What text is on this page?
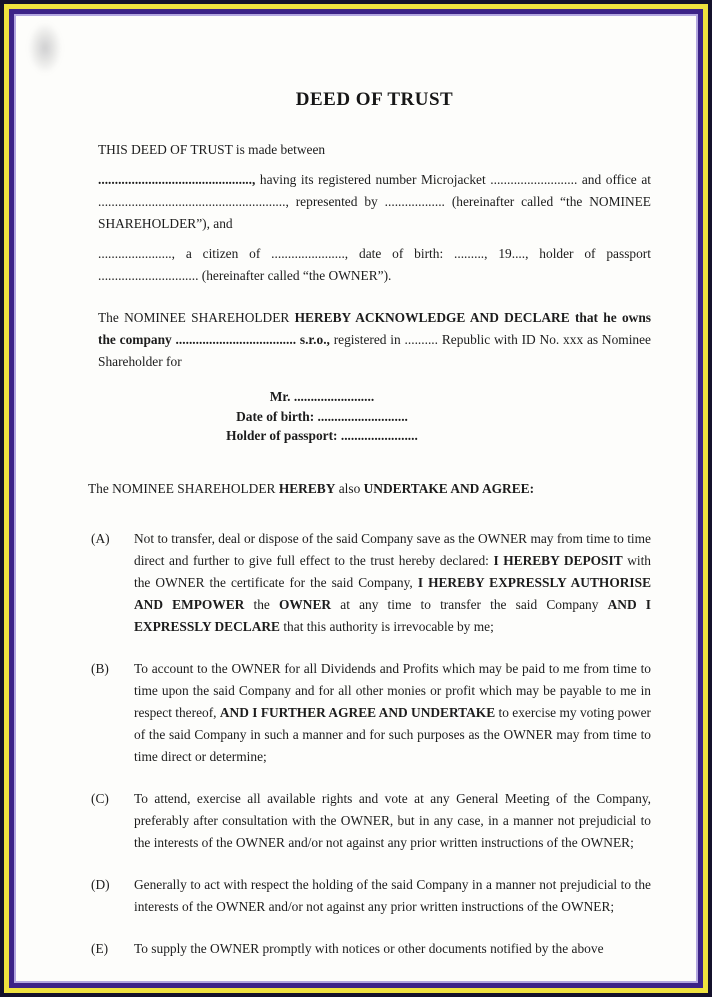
DEED OF TRUST

THIS DEED OF TRUST is made between

.............................................., having its registered number Microjacket .......................... and office at ........................................................, represented by .................. (hereinafter called “the NOMINEE SHAREHOLDER”), and

......................, a citizen of ......................, date of birth: ........., 19...., holder of passport .............................. (hereinafter called “the OWNER”).

The NOMINEE SHAREHOLDER HEREBY ACKNOWLEDGE AND DECLARE that he owns the company .................................... s.r.o., registered in .......... Republic with ID No. xxx as Nominee Shareholder for

Mr. ........................
Date of birth: ...........................
Holder of passport: .......................

The NOMINEE SHAREHOLDER HEREBY also UNDERTAKE AND AGREE:

(A)	Not to transfer, deal or dispose of the said Company save as the OWNER may from time to time direct and further to give full effect to the trust hereby declared: I HEREBY DEPOSIT with the OWNER the certificate for the said Company, I HEREBY EXPRESSLY AUTHORISE AND EMPOWER the OWNER at any time to transfer the said Company AND I EXPRESSLY DECLARE that this authority is irrevocable by me;

(B)	To account to the OWNER for all Dividends and Profits which may be paid to me from time to time upon the said Company and for all other monies or profit which may be payable to me in respect thereof, AND I FURTHER AGREE AND UNDERTAKE to exercise my voting power of the said Company in such a manner and for such purposes as the OWNER may from time to time direct or determine;

(C)	To attend, exercise all available rights and vote at any General Meeting of the Company, preferably after consultation with the OWNER, but in any case, in a manner not prejudicial to the interests of the OWNER and/or not against any prior written instructions of the OWNER;

(D)	Generally to act with respect the holding of the said Company in a manner not prejudicial to the interests of the OWNER and/or not against any prior written instructions of the OWNER;

(E)	To supply the OWNER promptly with notices or other documents notified by the above
